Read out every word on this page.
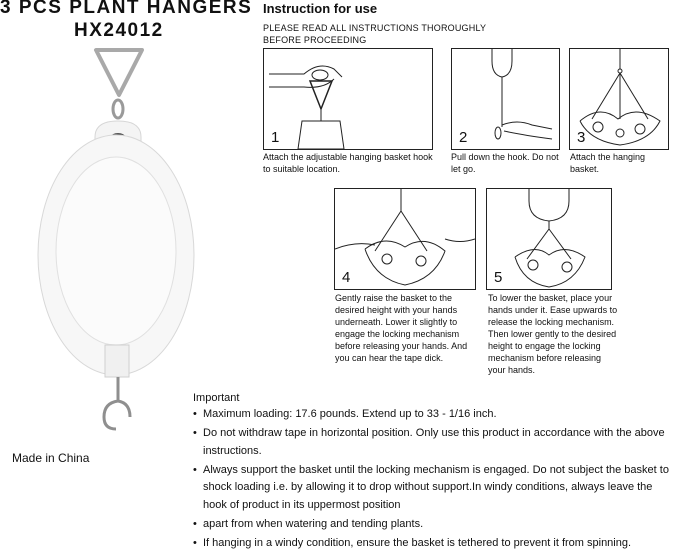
3 PCS PLANT HANGERS
HX24012
Made in China
Instruction for use
PLEASE READ ALL INSTRUCTIONS THOROUGHLY BEFORE PROCEEDING
1
Attach the adjustable hanging basket hook to suitable location.
2
Pull down the hook. Do not let go.
3
Attach the hanging basket.
4
Gently raise the basket to the desired height with your hands underneath. Lower it slightly to engage the locking mechanism before releasing your hands. And you can hear the tape dick.
5
To lower the basket, place your hands under it. Ease upwards to release the locking mechanism. Then lower gently to the desired height to engage the locking mechanism before releasing your hands.
Important
• Maximum loading: 17.6 pounds. Extend up to 33 - 1/16 inch.
• Do not withdraw tape in horizontal position. Only use this product in accordance with the above instructions.
• Always support the basket until the locking mechanism is engaged. Do not subject the basket to shock loading i.e. by allowing it to drop without support.In windy conditions, always leave the hook of product in its uppermost position
• apart from when watering and tending plants.
• If hanging in a windy condition, ensure the basket is tethered to prevent it from spinning.
